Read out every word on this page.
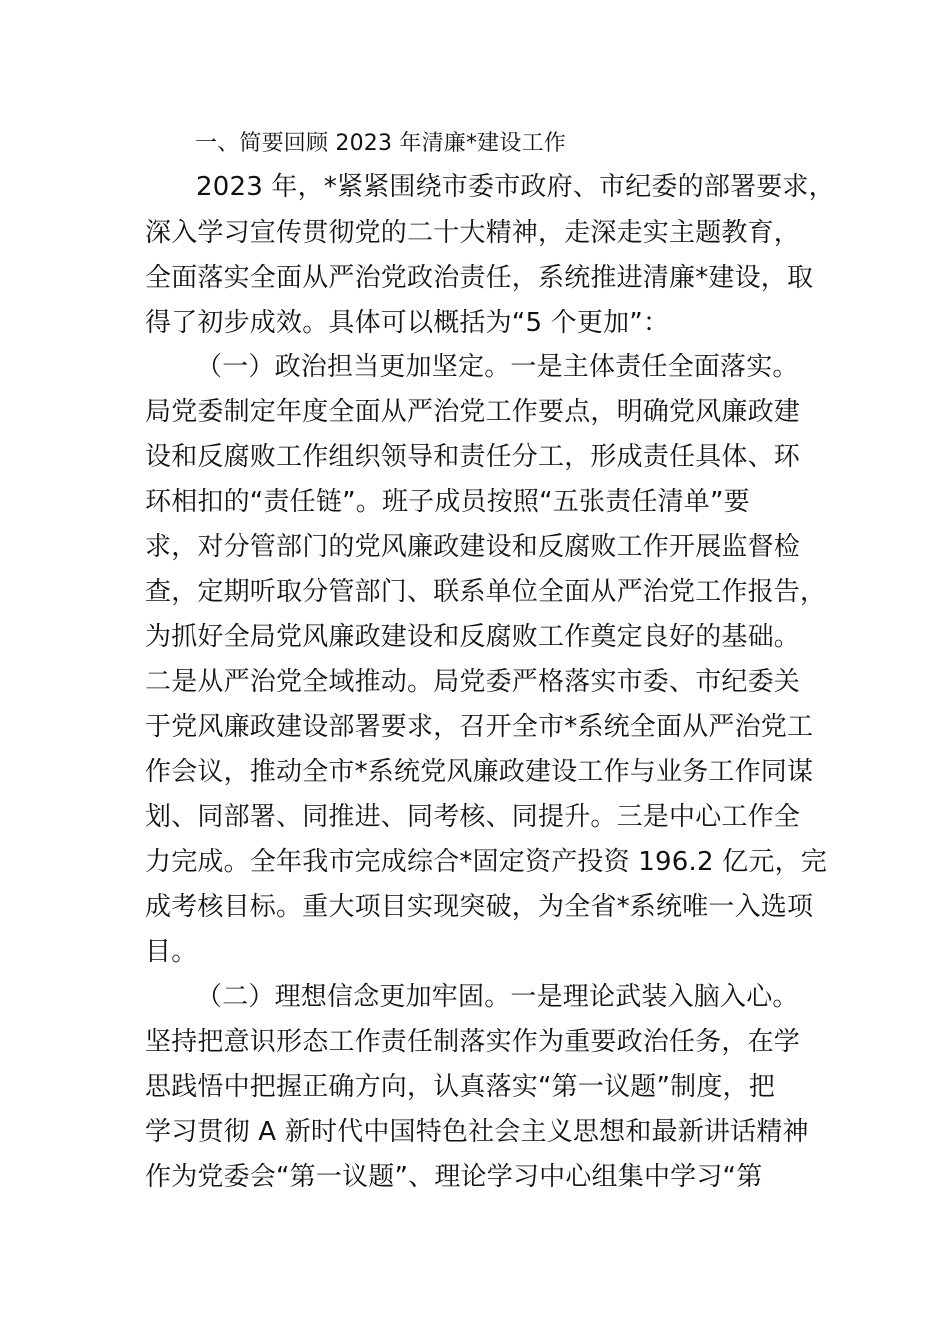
一、简要回顾 2023 年清廉*建设工作
2023 年，*紧紧围绕市委市政府、市纪委的部署要求，
深入学习宣传贯彻党的二十大精神，走深走实主题教育，
全面落实全面从严治党政治责任，系统推进清廉*建设，取
得了初步成效。具体可以概括为“5 个更加”：
（一）政治担当更加坚定。一是主体责任全面落实。
局党委制定年度全面从严治党工作要点，明确党风廉政建
设和反腐败工作组织领导和责任分工，形成责任具体、环
环相扣的“责任链”。班子成员按照“五张责任清单”要
求，对分管部门的党风廉政建设和反腐败工作开展监督检
查，定期听取分管部门、联系单位全面从严治党工作报告，
为抓好全局党风廉政建设和反腐败工作奠定良好的基础。
二是从严治党全域推动。局党委严格落实市委、市纪委关
于党风廉政建设部署要求，召开全市*系统全面从严治党工
作会议，推动全市*系统党风廉政建设工作与业务工作同谋
划、同部署、同推进、同考核、同提升。三是中心工作全
力完成。全年我市完成综合*固定资产投资 196.2 亿元，完
成考核目标。重大项目实现突破，为全省*系统唯一入选项
目。
（二）理想信念更加牢固。一是理论武装入脑入心。
坚持把意识形态工作责任制落实作为重要政治任务，在学
思践悟中把握正确方向，认真落实“第一议题”制度，把
学习贯彻 A 新时代中国特色社会主义思想和最新讲话精神
作为党委会“第一议题”、理论学习中心组集中学习“第
